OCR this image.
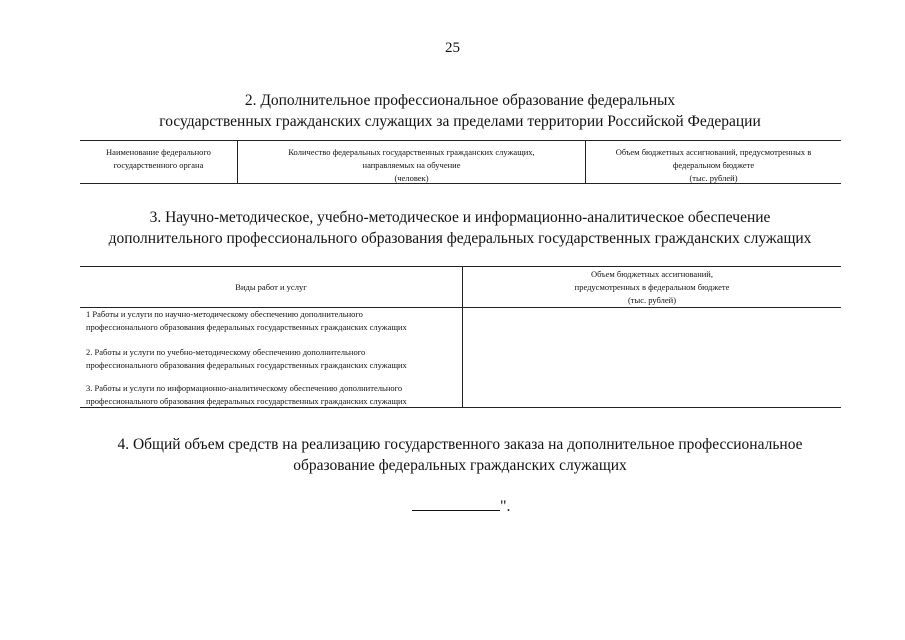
25
2. Дополнительное профессиональное образование федеральных
государственных гражданских служащих за пределами территории Российской Федерации
Наименование федерального
государственного органа
Количество федеральных государственных гражданских служащих,
направляемых на обучение
(человек)
Объем бюджетных ассигнований, предусмотренных в
федеральном бюджете
(тыс. рублей)
3. Научно-методическое, учебно-методическое и информационно-аналитическое обеспечение
дополнительного профессионального образования федеральных государственных гражданских служащих
Виды работ и услуг
Объем бюджетных ассигнований,
предусмотренных в федеральном бюджете
(тыс. рублей)
1 Работы и услуги по научно-методическому обеспечению дополнительного
профессионального образования федеральных государственных гражданских служащих
2. Работы и услуги по учебно-методическому обеспечению дополнительного
профессионального образования федеральных государственных гражданских служащих
3. Работы и услуги по информационно-аналитическому обеспечению дополнительного
профессионального образования федеральных государственных гражданских служащих
4. Общий объем средств на реализацию государственного заказа на дополнительное профессиональное
образование федеральных гражданских служащих
".
